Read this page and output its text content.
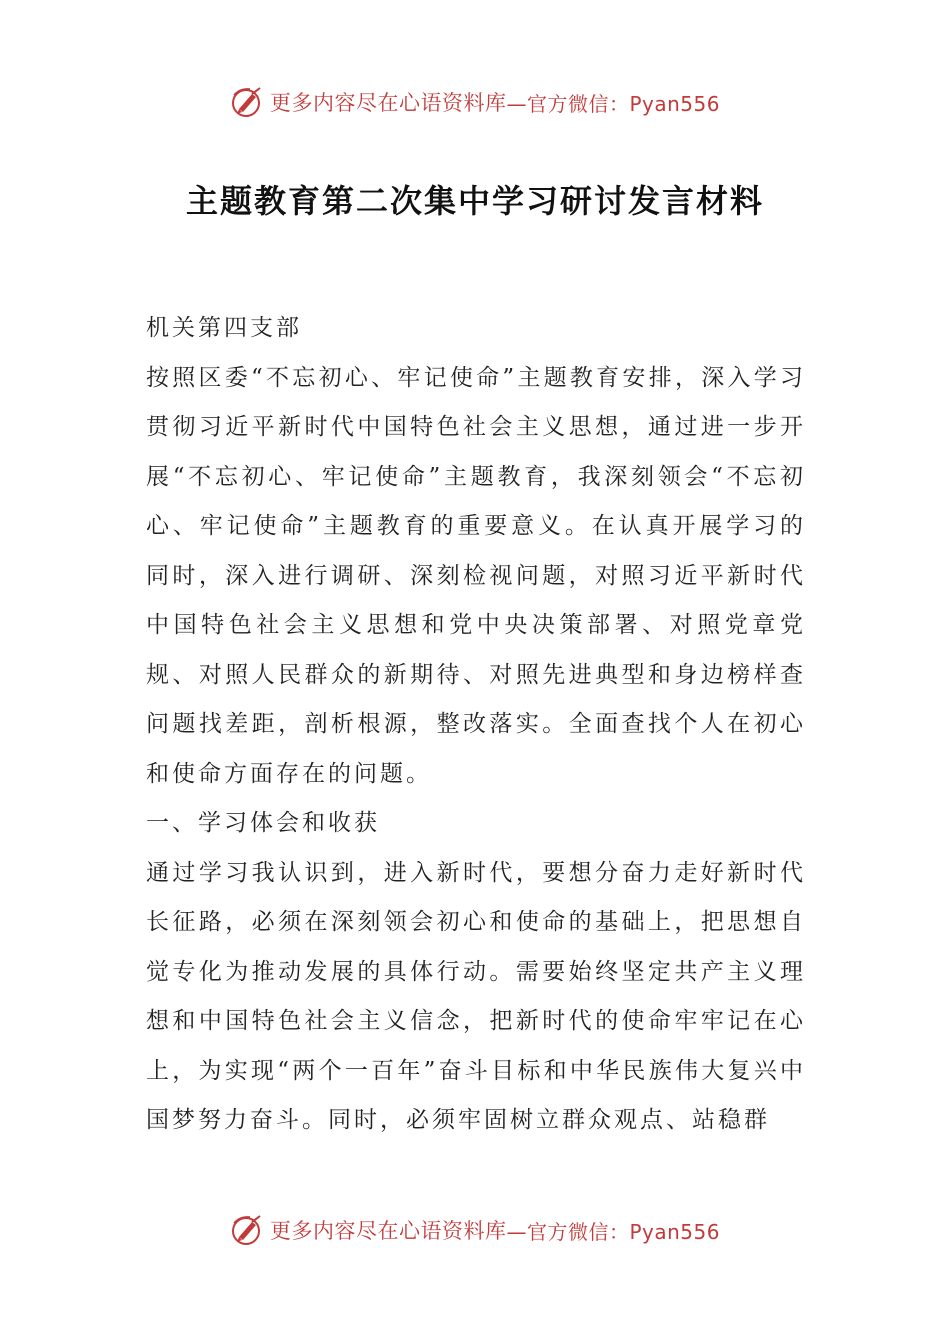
更多内容尽在心语资料库 —官方微信：Pyan556
主题教育第二次集中学习研讨发言材料

机关第四支部

按照区委“不忘初心、牢记使命”主题教育安排，深入学习贯彻习近平新时代中国特色社会主义思想，通过进一步开展“不忘初心、牢记使命”主题教育，我深刻领会“不忘初心、牢记使命”主题教育的重要意义。在认真开展学习的同时，深入进行调研、深刻检视问题，对照习近平新时代中国特色社会主义思想和党中央决策部署、对照党章党规、对照人民群众的新期待、对照先进典型和身边榜样查问题找差距，剖析根源，整改落实。全面查找个人在初心和使命方面存在的问题。

一、学习体会和收获

通过学习我认识到，进入新时代，要想分奋力走好新时代长征路，必须在深刻领会初心和使命的基础上，把思想自觉专化为推动发展的具体行动。需要始终坚定共产主义理想和中国特色社会主义信念，把新时代的使命牢牢记在心上，为实现“两个一百年”奋斗目标和中华民族伟大复兴中国梦努力奋斗。同时，必须牢固树立群众观点、站稳群

更多内容尽在心语资料库 —官方微信：Pyan556
